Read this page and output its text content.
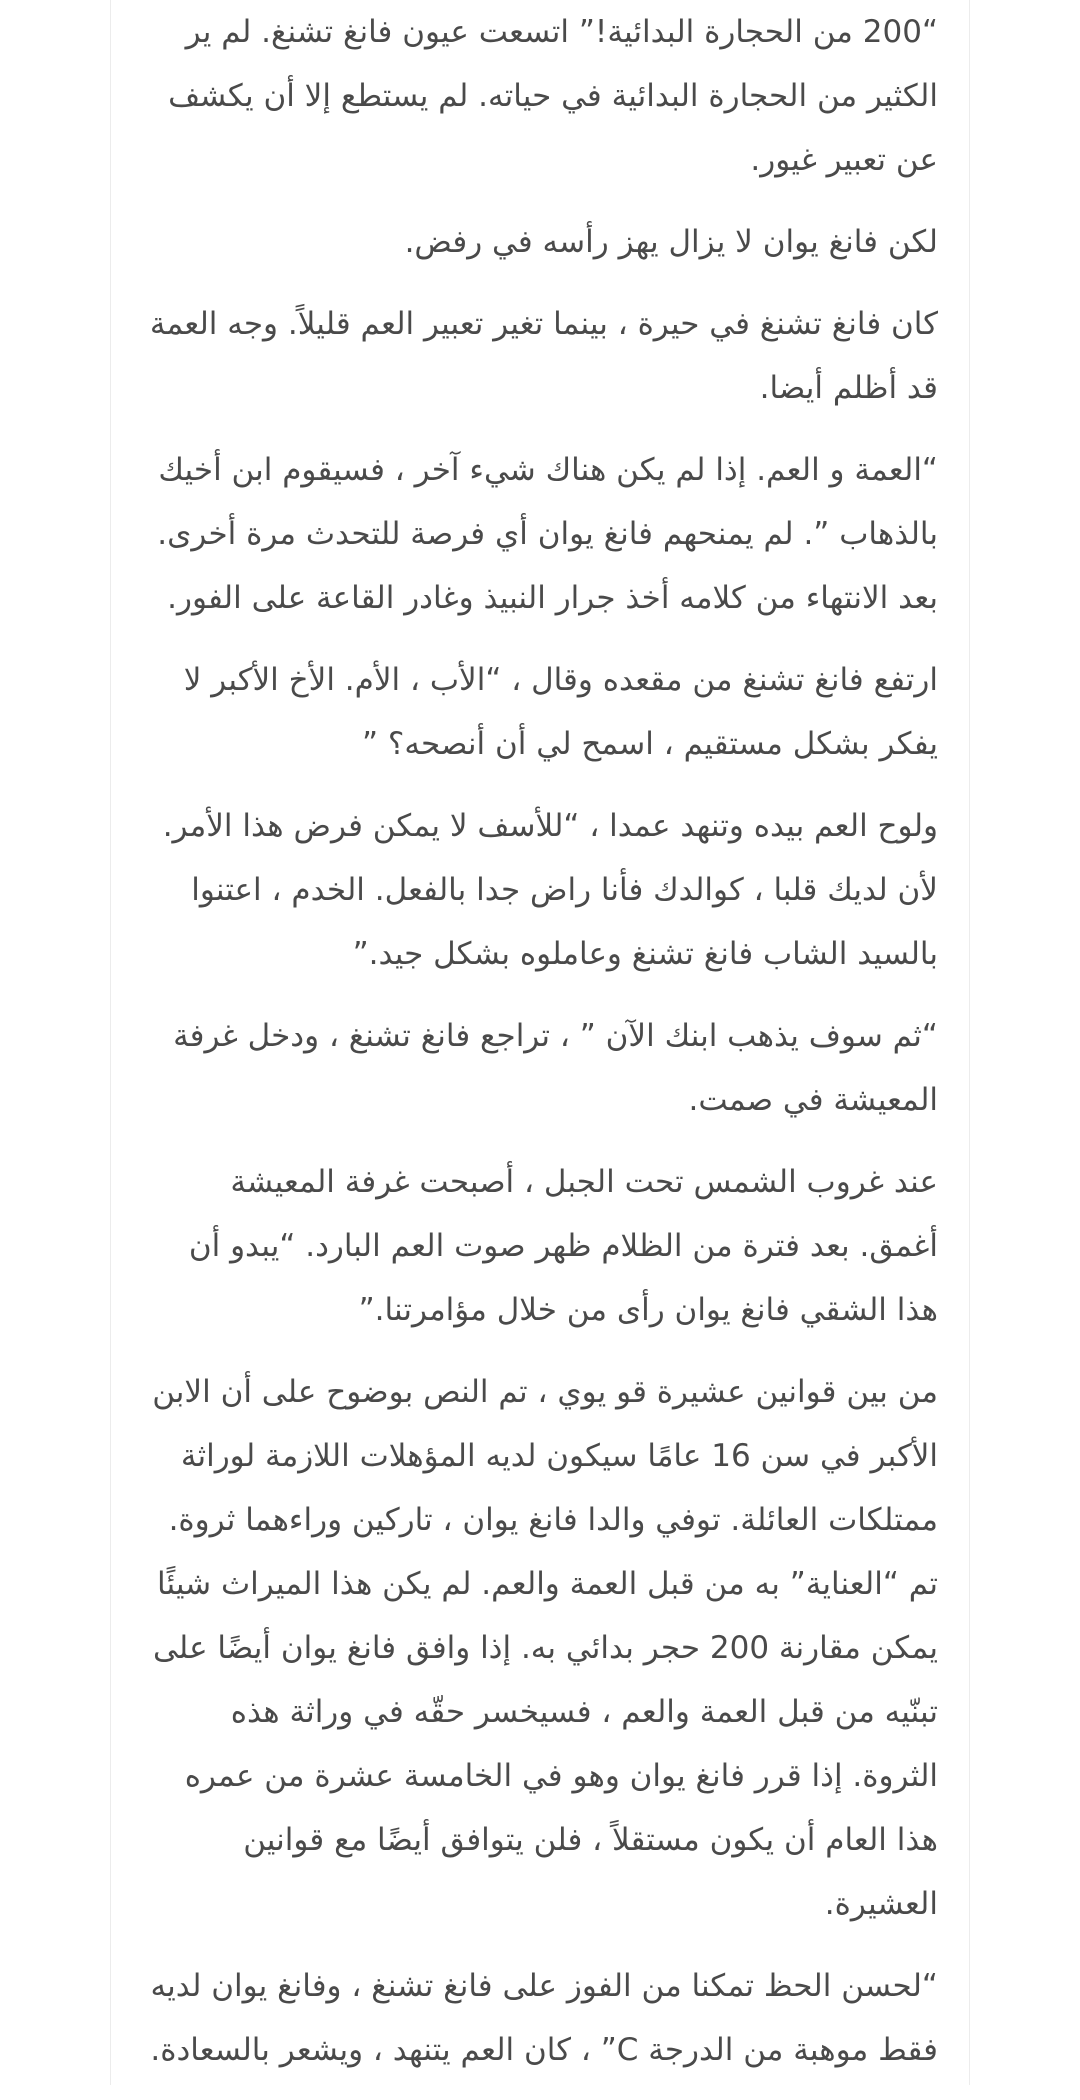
“200 من الحجارة البدائية!” اتسعت عيون فانغ تشنغ. لم ير الكثير من الحجارة البدائية في حياته. لم يستطع إلا أن يكشف عن تعبير غيور.

لكن فانغ يوان لا يزال يهز رأسه في رفض.

كان فانغ تشنغ في حيرة ، بينما تغير تعبير العم قليلاً. وجه العمة قد أظلم أيضا.

“العمة و العم. إذا لم يكن هناك شيء آخر ، فسيقوم ابن أخيك بالذهاب ”. لم يمنحهم فانغ يوان أي فرصة للتحدث مرة أخرى. بعد الانتهاء من كلامه أخذ جرار النبيذ وغادر القاعة على الفور.

ارتفع فانغ تشنغ من مقعده وقال ، “الأب ، الأم. الأخ الأكبر لا يفكر بشكل مستقيم ، اسمح لي أن أنصحه؟ ”

ولوح العم بيده وتنهد عمدا ، “للأسف لا يمكن فرض هذا الأمر. لأن لديك قلبا ، كوالدك فأنا راض جدا بالفعل. الخدم ، اعتنوا بالسيد الشاب فانغ تشنغ وعاملوه بشكل جيد.”

“ثم سوف يذهب ابنك الآن ” ، تراجع فانغ تشنغ ، ودخل غرفة المعيشة في صمت.

عند غروب الشمس تحت الجبل ، أصبحت غرفة المعيشة أغمق. بعد فترة من الظلام ظهر صوت العم البارد. “يبدو أن هذا الشقي فانغ يوان رأى من خلال مؤامرتنا.”

من بين قوانين عشيرة قو يوي ، تم النص بوضوح على أن الابن الأكبر في سن 16 عامًا سيكون لديه المؤهلات اللازمة لوراثة ممتلكات العائلة. توفي والدا فانغ يوان ، تاركين وراءهما ثروة. تم “العناية” به من قبل العمة والعم. لم يكن هذا الميراث شيئًا يمكن مقارنة 200 حجر بدائي به. إذا وافق فانغ يوان أيضًا على تبنّيه من قبل العمة والعم ، فسيخسر حقّه في وراثة هذه الثروة. إذا قرر فانغ يوان وهو في الخامسة عشرة من عمره هذا العام أن يكون مستقلاً ، فلن يتوافق أيضًا مع قوانين العشيرة.

“لحسن الحظ تمكنا من الفوز على فانغ تشنغ ، وفانغ يوان لديه فقط موهبة من الدرجة C” ، كان العم يتنهد ، ويشعر بالسعادة.
